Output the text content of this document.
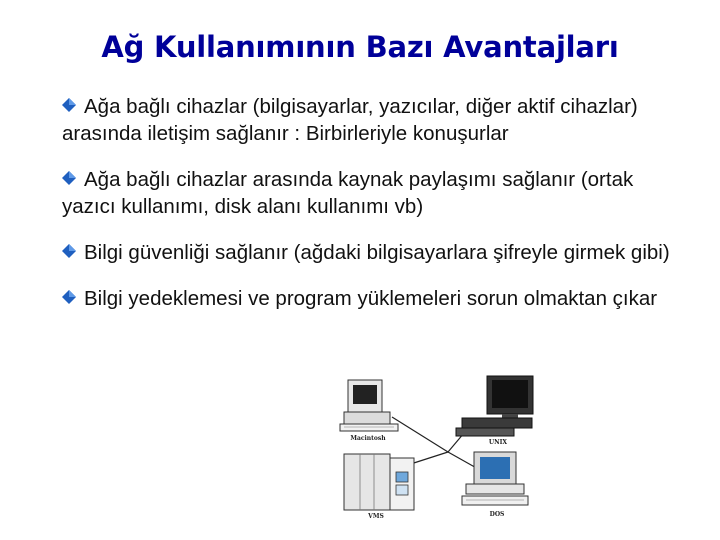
Ağ Kullanımının Bazı Avantajları
Ağa bağlı cihazlar (bilgisayarlar, yazıcılar, diğer aktif cihazlar) arasında iletişim sağlanır : Birbirleriyle konuşurlar
Ağa bağlı cihazlar arasında kaynak paylaşımı sağlanır (ortak yazıcı kullanımı, disk alanı kullanımı vb)
Bilgi güvenliği sağlanır (ağdaki bilgisayarlara şifreyle girmek gibi)
Bilgi yedeklemesi ve program yüklemeleri sorun olmaktan çıkar
Macintosh
UNIX
VMS	DOS
